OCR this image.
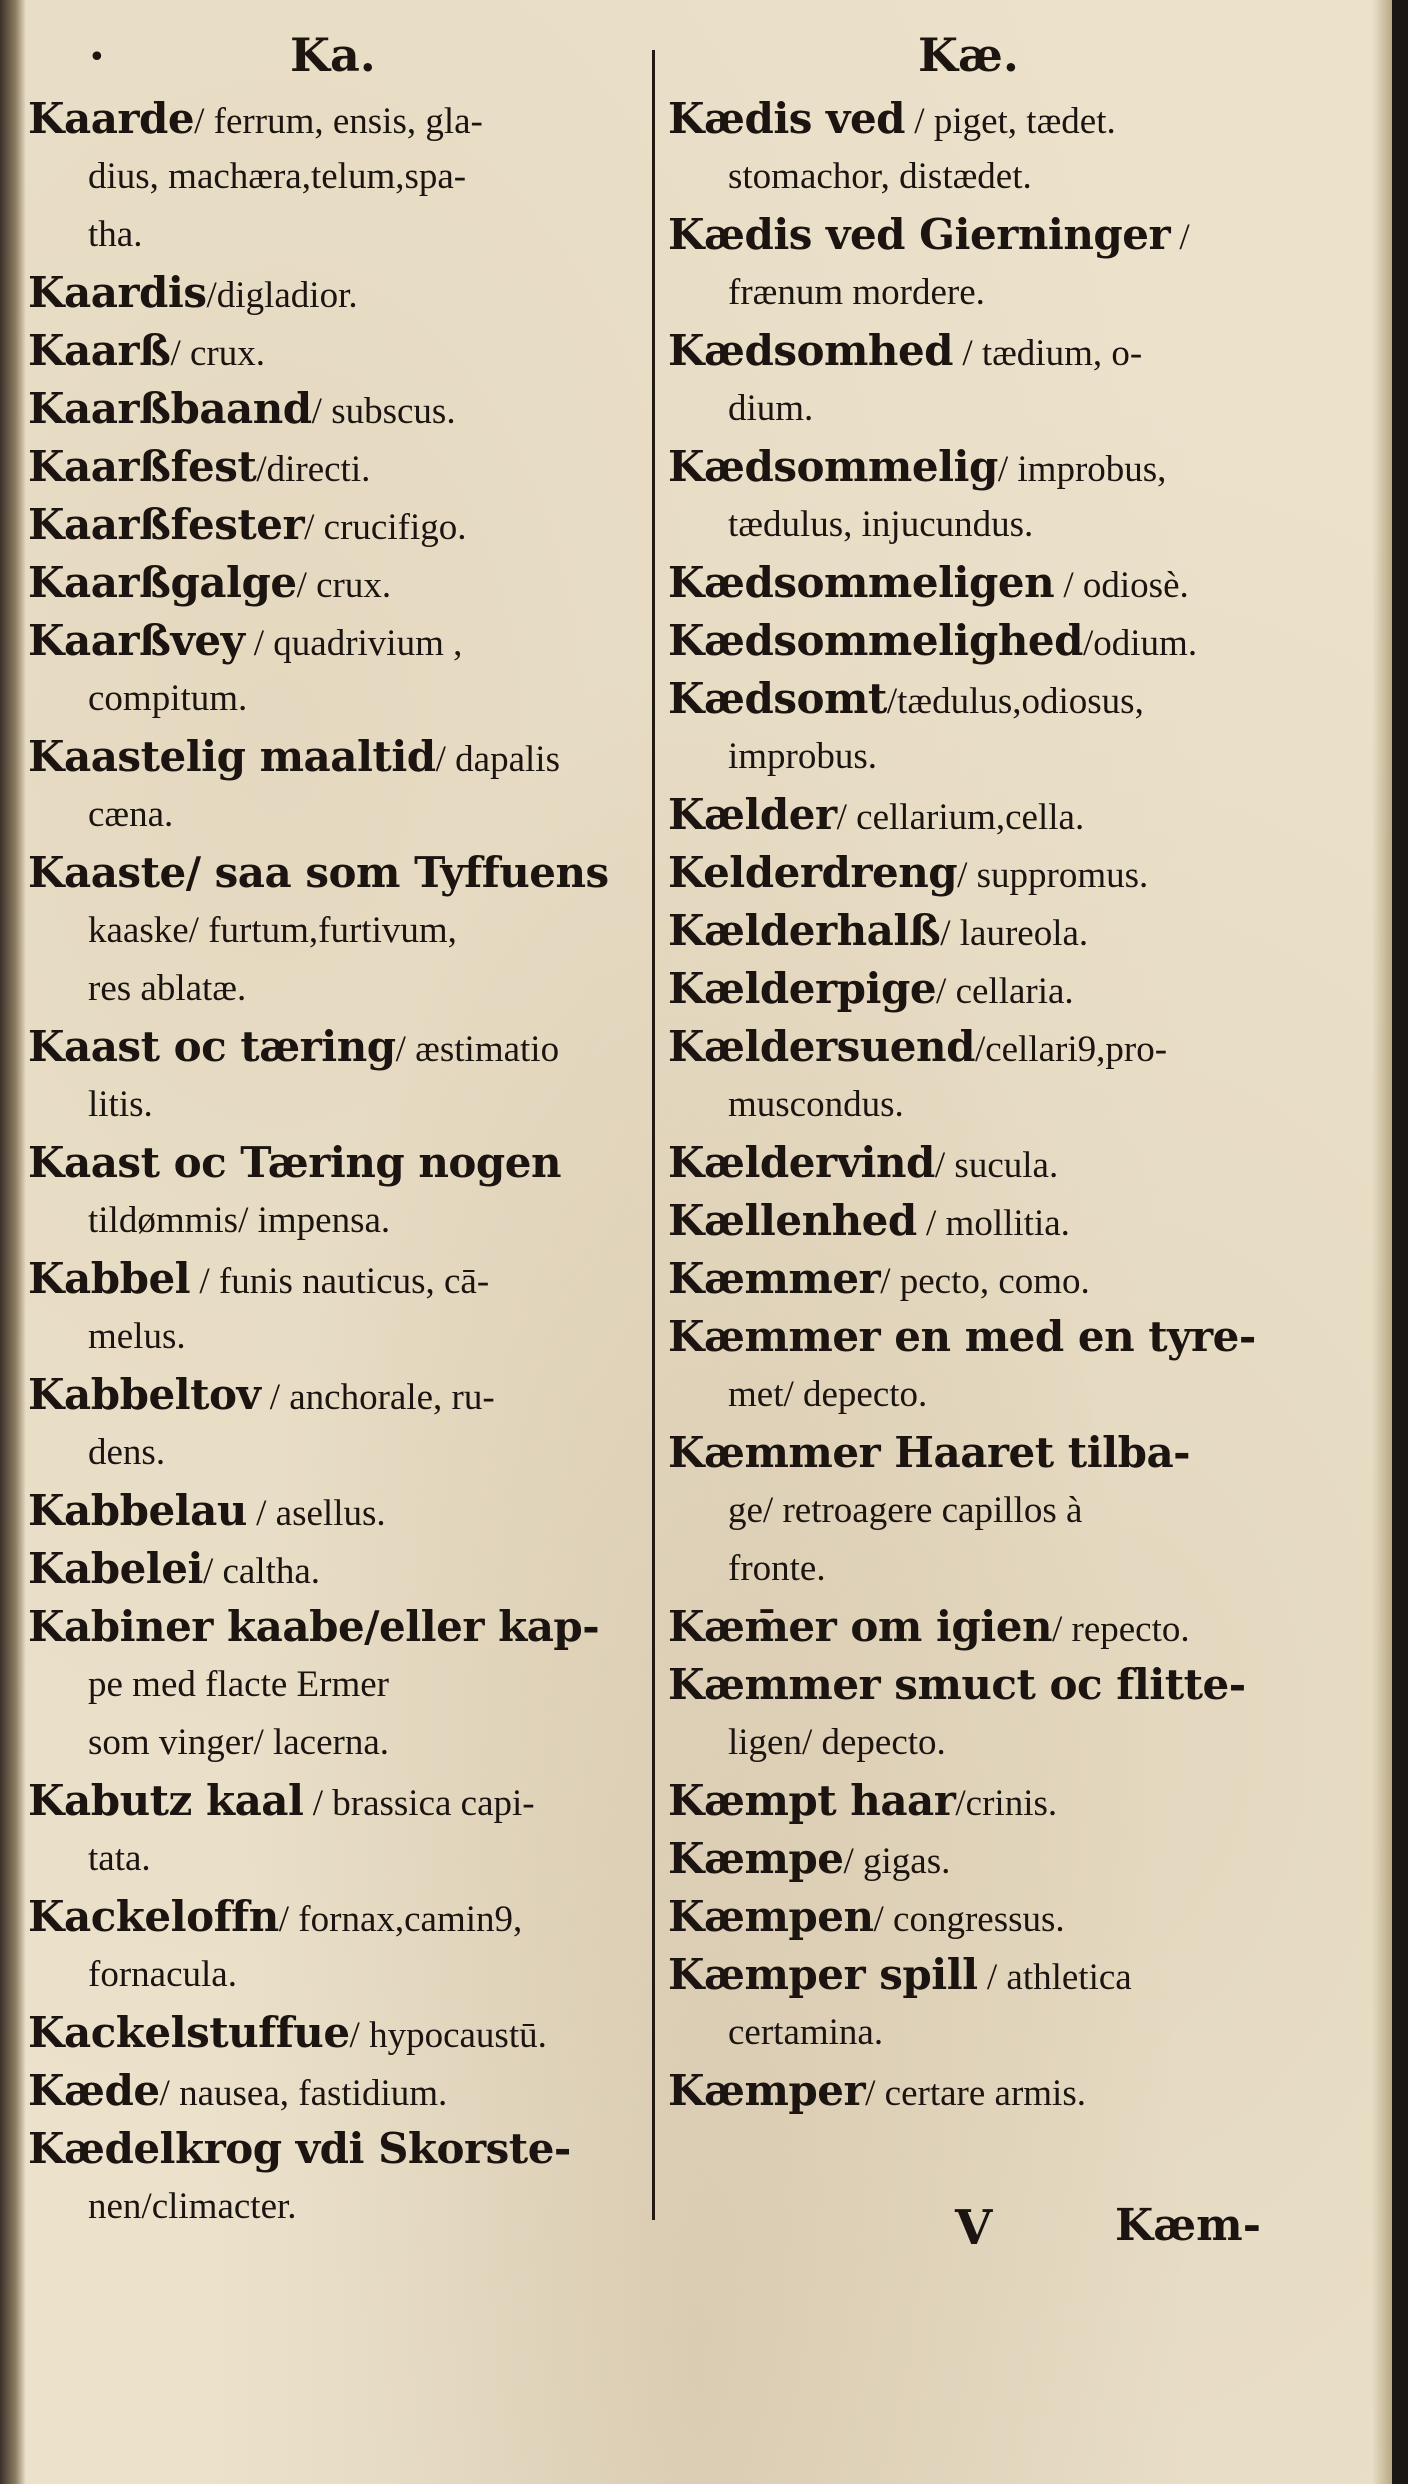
•	Ka.	Kæ.
Kaarde/ ferrum, ensis, gla-
dius, machæra,telum,spa-
tha.
Kaardis/digladior.
Kaarß/ crux.
Kaarßbaand/ subscus.
Kaarßfest/directi.
Kaarßfester/ crucifigo.
Kaarßgalge/ crux.
Kaarßvey / quadrivium ,
compitum.
Kaastelig maaltid/ dapalis
cæna.
Kaaste/ saa som Tyffuens
kaaske/ furtum,furtivum,
res ablatæ.
Kaast oc tæring/ æstimatio
litis.
Kaast oc Tæring nogen
tildømmis/ impensa.
Kabbel / funis nauticus, cā-
melus.
Kabbeltov / anchorale, ru-
dens.
Kabbelau / asellus.
Kabelei/ caltha.
Kabiner kaabe/eller kap-
pe med flacte Ermer
som vinger/ lacerna.
Kabutz kaal / brassica capi-
tata.
Kackeloffn/ fornax,camin9,
fornacula.
Kackelstuffue/ hypocaustū.
Kæde/ nausea, fastidium.
Kædelkrog vdi Skorste-
nen/climacter.
Kædis ved / piget, tædet.
stomachor, distædet.
Kædis ved Gierninger /
frænum mordere.
Kædsomhed / tædium, o-
dium.
Kædsommelig/ improbus,
tædulus, injucundus.
Kædsommeligen / odiosè.
Kædsommelighed/odium.
Kædsomt/tædulus,odiosus,
improbus.
Kælder/ cellarium,cella.
Kelderdreng/ suppromus.
Kælderhalß/ laureola.
Kælderpige/ cellaria.
Kældersuend/cellari9,pro-
muscondus.
Kældervind/ sucula.
Kællenhed / mollitia.
Kæmmer/ pecto, como.
Kæmmer en med en tyre-
met/ depecto.
Kæmmer Haaret tilba-
ge/ retroagere capillos à
fronte.
Kæm̄er om igien/ repecto.
Kæmmer smuct oc flitte-
ligen/ depecto.
Kæmpt haar/crinis.
Kæmpe/ gigas.
Kæmpen/ congressus.
Kæmper spill / athletica
certamina.
Kæmper/ certare armis.
V	Kæm-
